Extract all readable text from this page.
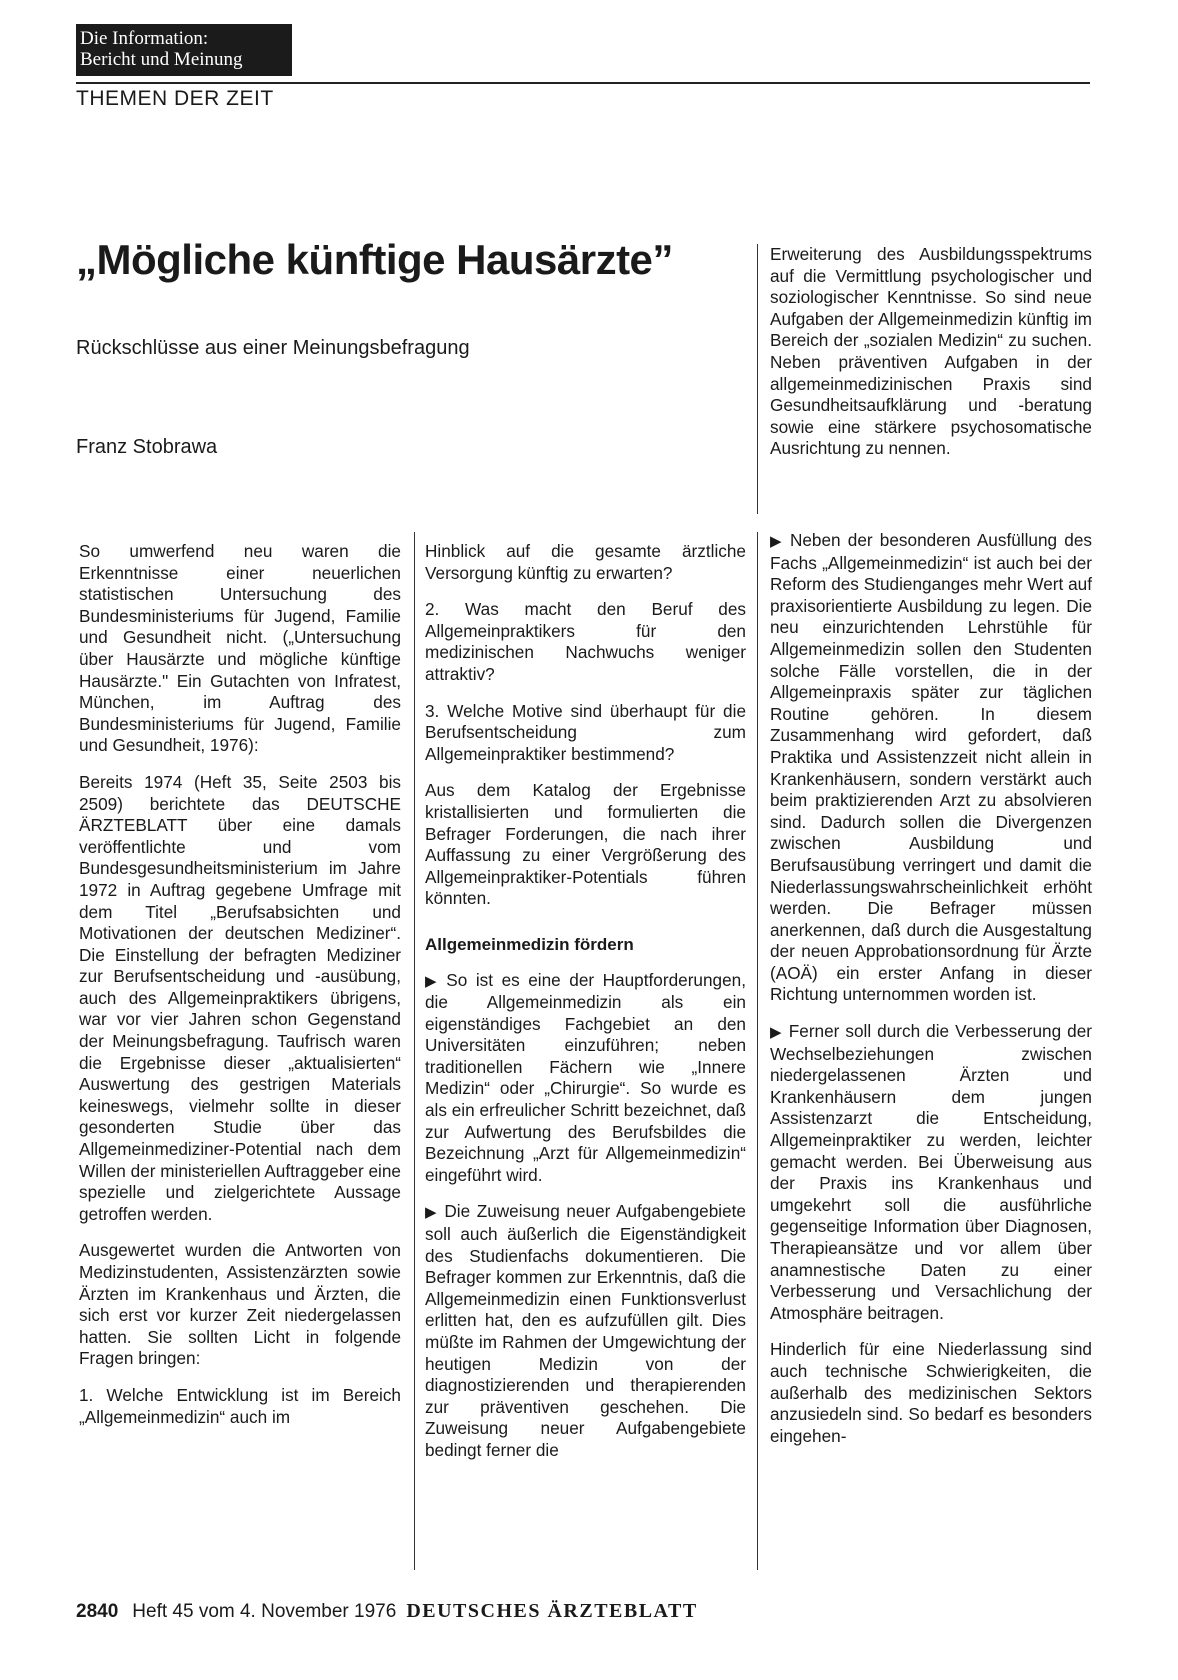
Die Information:
Bericht und Meinung
THEMEN DER ZEIT
„Mögliche künftige Hausärzte”
Rückschlüsse aus einer Meinungsbefragung
Franz Stobrawa

So umwerfend neu waren die Erkenntnisse einer neuerlichen statistischen Untersuchung des Bundesministeriums für Jugend, Familie und Gesundheit nicht. („Untersuchung über Hausärzte und mögliche künftige Hausärzte." Ein Gutachten von Infratest, München, im Auftrag des Bundesministeriums für Jugend, Familie und Gesundheit, 1976):

Bereits 1974 (Heft 35, Seite 2503 bis 2509) berichtete das DEUTSCHE ÄRZTEBLATT über eine damals veröffentlichte und vom Bundesgesundheitsministerium im Jahre 1972 in Auftrag gegebene Umfrage mit dem Titel „Berufsabsichten und Motivationen der deutschen Mediziner“. Die Einstellung der befragten Mediziner zur Berufsentscheidung und -ausübung, auch des Allgemeinpraktikers übrigens, war vor vier Jahren schon Gegenstand der Meinungsbefragung. Taufrisch waren die Ergebnisse dieser „aktualisierten“ Auswertung des gestrigen Materials keineswegs, vielmehr sollte in dieser gesonderten Studie über das Allgemeinmediziner-Potential nach dem Willen der ministeriellen Auftraggeber eine spezielle und zielgerichtete Aussage getroffen werden.

Ausgewertet wurden die Antworten von Medizinstudenten, Assistenzärzten sowie Ärzten im Krankenhaus und Ärzten, die sich erst vor kurzer Zeit niedergelassen hatten. Sie sollten Licht in folgende Fragen bringen:

1. Welche Entwicklung ist im Bereich „Allgemeinmedizin“ auch im

Hinblick auf die gesamte ärztliche Versorgung künftig zu erwarten?

2. Was macht den Beruf des Allgemeinpraktikers für den medizinischen Nachwuchs weniger attraktiv?

3. Welche Motive sind überhaupt für die Berufsentscheidung zum Allgemeinpraktiker bestimmend?

Aus dem Katalog der Ergebnisse kristallisierten und formulierten die Befrager Forderungen, die nach ihrer Auffassung zu einer Vergrößerung des Allgemeinpraktiker-Potentials führen könnten.

Allgemeinmedizin fördern

▶ So ist es eine der Hauptforderungen, die Allgemeinmedizin als ein eigenständiges Fachgebiet an den Universitäten einzuführen; neben traditionellen Fächern wie „Innere Medizin“ oder „Chirurgie“. So wurde es als ein erfreulicher Schritt bezeichnet, daß zur Aufwertung des Berufsbildes die Bezeichnung „Arzt für Allgemeinmedizin“ eingeführt wird.

▶ Die Zuweisung neuer Aufgabengebiete soll auch äußerlich die Eigenständigkeit des Studienfachs dokumentieren. Die Befrager kommen zur Erkenntnis, daß die Allgemeinmedizin einen Funktionsverlust erlitten hat, den es aufzufüllen gilt. Dies müßte im Rahmen der Umgewichtung der heutigen Medizin von der diagnostizierenden und therapierenden zur präventiven geschehen. Die Zuweisung neuer Aufgabengebiete bedingt ferner die

Erweiterung des Ausbildungsspektrums auf die Vermittlung psychologischer und soziologischer Kenntnisse. So sind neue Aufgaben der Allgemeinmedizin künftig im Bereich der „sozialen Medizin“ zu suchen. Neben präventiven Aufgaben in der allgemeinmedizinischen Praxis sind Gesundheitsaufklärung und -beratung sowie eine stärkere psychosomatische Ausrichtung zu nennen.

▶ Neben der besonderen Ausfüllung des Fachs „Allgemeinmedizin“ ist auch bei der Reform des Studienganges mehr Wert auf praxisorientierte Ausbildung zu legen. Die neu einzurichtenden Lehrstühle für Allgemeinmedizin sollen den Studenten solche Fälle vorstellen, die in der Allgemeinpraxis später zur täglichen Routine gehören. In diesem Zusammenhang wird gefordert, daß Praktika und Assistenzzeit nicht allein in Krankenhäusern, sondern verstärkt auch beim praktizierenden Arzt zu absolvieren sind. Dadurch sollen die Divergenzen zwischen Ausbildung und Berufsausübung verringert und damit die Niederlassungswahrscheinlichkeit erhöht werden. Die Befrager müssen anerkennen, daß durch die Ausgestaltung der neuen Approbationsordnung für Ärzte (AOÄ) ein erster Anfang in dieser Richtung unternommen worden ist.

▶ Ferner soll durch die Verbesserung der Wechselbeziehungen zwischen niedergelassenen Ärzten und Krankenhäusern dem jungen Assistenzarzt die Entscheidung, Allgemeinpraktiker zu werden, leichter gemacht werden. Bei Überweisung aus der Praxis ins Krankenhaus und umgekehrt soll die ausführliche gegenseitige Information über Diagnosen, Therapieansätze und vor allem über anamnestische Daten zu einer Verbesserung und Versachlichung der Atmosphäre beitragen.

Hinderlich für eine Niederlassung sind auch technische Schwierigkeiten, die außerhalb des medizinischen Sektors anzusiedeln sind. So bedarf es besonders eingehen-

2840 Heft 45 vom 4. November 1976 DEUTSCHES ÄRZTEBLATT
